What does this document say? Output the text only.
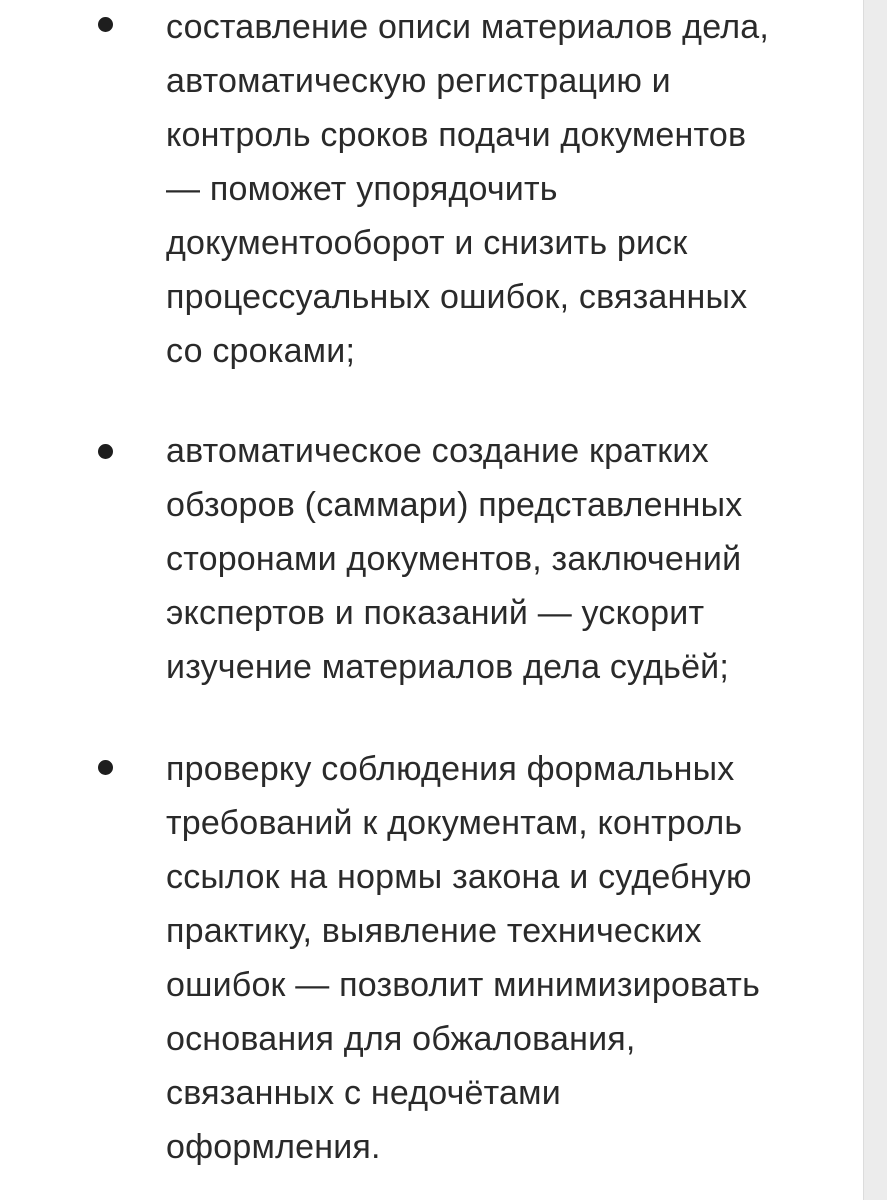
составление описи материалов дела,
автоматическую регистрацию и
контроль сроков подачи документов
— поможет упорядочить
документооборот и снизить риск
процессуальных ошибок, связанных
со сроками;

автоматическое создание кратких
обзоров (саммари) представленных
сторонами документов, заключений
экспертов и показаний — ускорит
изучение материалов дела судьёй;

проверку соблюдения формальных
требований к документам, контроль
ссылок на нормы закона и судебную
практику, выявление технических
ошибок — позволит минимизировать
основания для обжалования,
связанных с недочётами
оформления.
